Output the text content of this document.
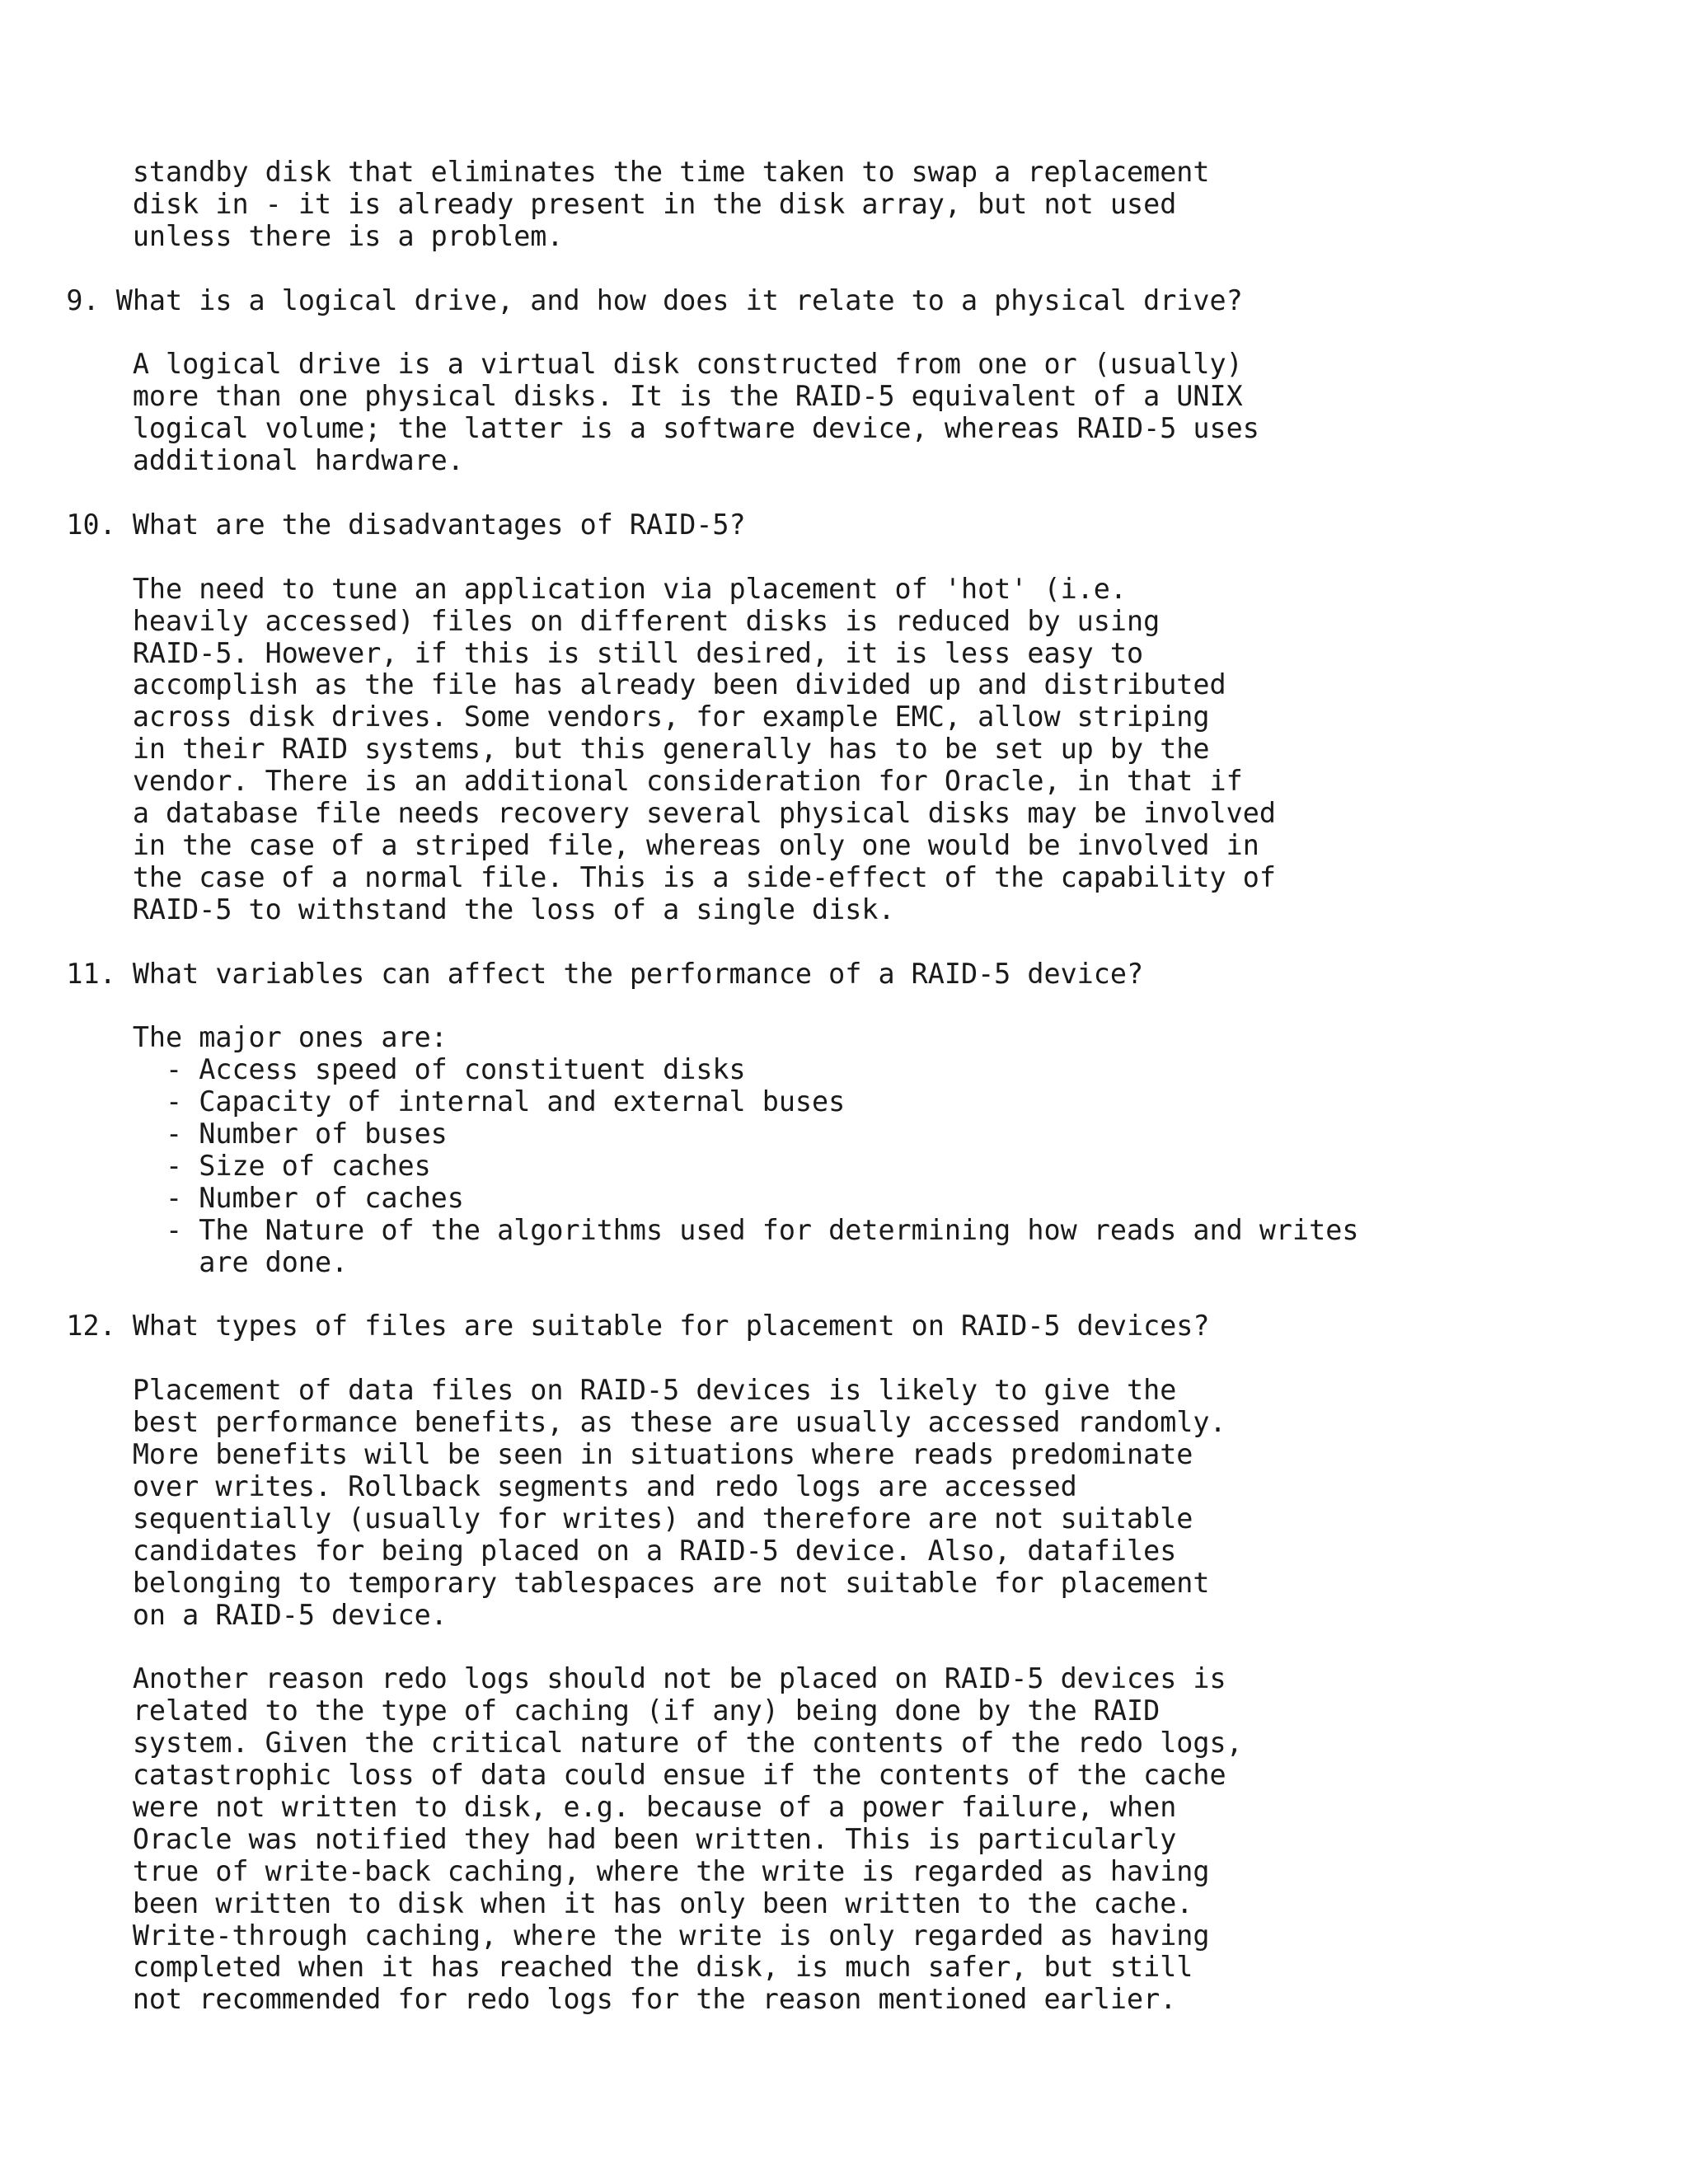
standby disk that eliminates the time taken to swap a replacement
disk in - it is already present in the disk array, but not used
unless there is a problem.
9. What is a logical drive, and how does it relate to a physical drive?
A logical drive is a virtual disk constructed from one or (usually)
more than one physical disks. It is the RAID-5 equivalent of a UNIX
logical volume; the latter is a software device, whereas RAID-5 uses
additional hardware.
10. What are the disadvantages of RAID-5?
The need to tune an application via placement of 'hot' (i.e.
heavily accessed) files on different disks is reduced by using
RAID-5. However, if this is still desired, it is less easy to
accomplish as the file has already been divided up and distributed
across disk drives. Some vendors, for example EMC, allow striping
in their RAID systems, but this generally has to be set up by the
vendor. There is an additional consideration for Oracle, in that if
a database file needs recovery several physical disks may be involved
in the case of a striped file, whereas only one would be involved in
the case of a normal file. This is a side-effect of the capability of
RAID-5 to withstand the loss of a single disk.
11. What variables can affect the performance of a RAID-5 device?
The major ones are:
- Access speed of constituent disks
- Capacity of internal and external buses
- Number of buses
- Size of caches
- Number of caches
- The Nature of the algorithms used for determining how reads and writes
are done.
12. What types of files are suitable for placement on RAID-5 devices?
Placement of data files on RAID-5 devices is likely to give the
best performance benefits, as these are usually accessed randomly.
More benefits will be seen in situations where reads predominate
over writes. Rollback segments and redo logs are accessed
sequentially (usually for writes) and therefore are not suitable
candidates for being placed on a RAID-5 device. Also, datafiles
belonging to temporary tablespaces are not suitable for placement
on a RAID-5 device.
Another reason redo logs should not be placed on RAID-5 devices is
related to the type of caching (if any) being done by the RAID
system. Given the critical nature of the contents of the redo logs,
catastrophic loss of data could ensue if the contents of the cache
were not written to disk, e.g. because of a power failure, when
Oracle was notified they had been written. This is particularly
true of write-back caching, where the write is regarded as having
been written to disk when it has only been written to the cache.
Write-through caching, where the write is only regarded as having
completed when it has reached the disk, is much safer, but still
not recommended for redo logs for the reason mentioned earlier.
